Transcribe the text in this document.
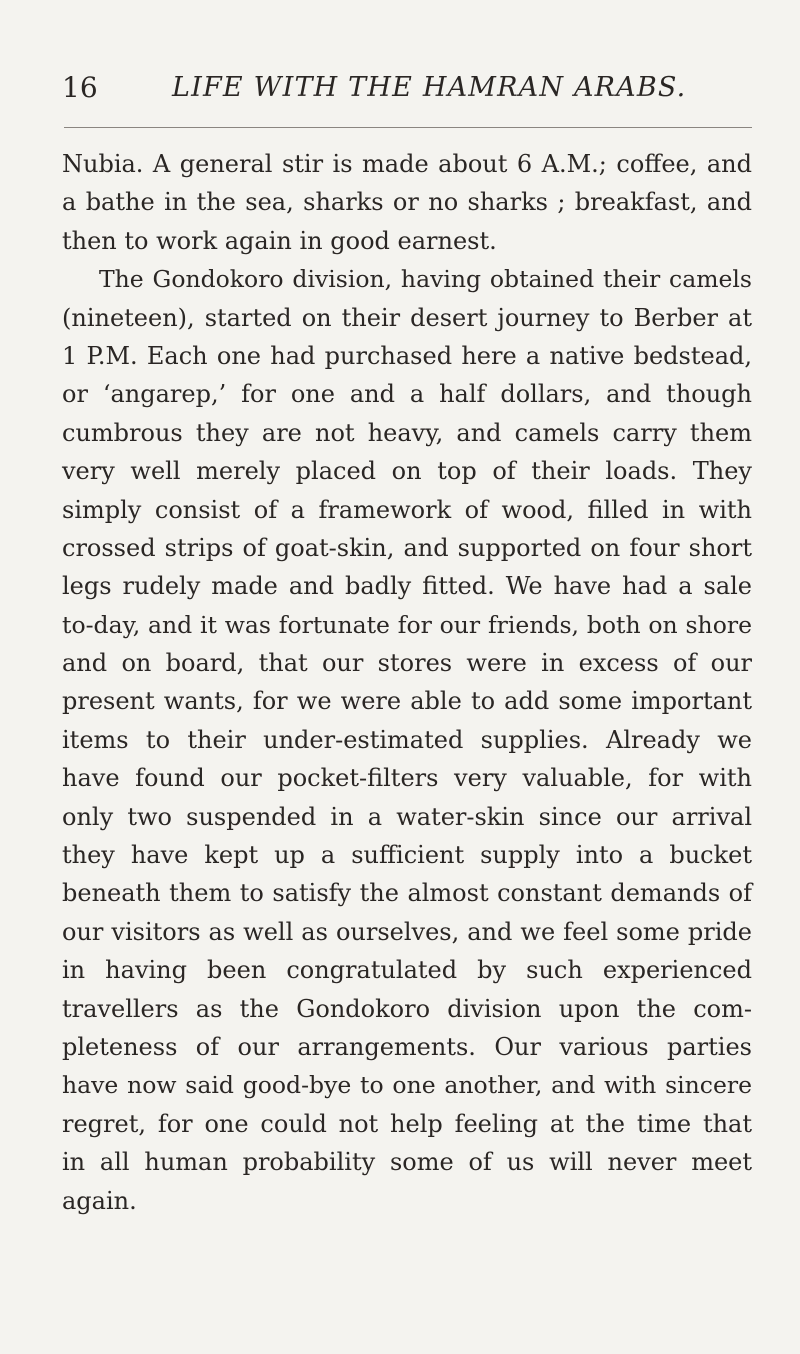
16	LIFE WITH THE HAMRAN ARABS.
Nubia. A general stir is made about 6 A.M.; coffee, and
a bathe in the sea, sharks or no sharks ; breakfast, and
then to work again in good earnest.
The Gondokoro division, having obtained their camels
(nineteen), started on their desert journey to Berber at
1 P.M. Each one had purchased here a native bedstead,
or ‘angarep,’ for one and a half dollars, and though
cumbrous they are not heavy, and camels carry them
very well merely placed on top of their loads. They
simply consist of a framework of wood, filled in with
crossed strips of goat-skin, and supported on four short
legs rudely made and badly fitted. We have had a sale
to-day, and it was fortunate for our friends, both on shore
and on board, that our stores were in excess of our
present wants, for we were able to add some important
items to their under-estimated supplies. Already we
have found our pocket-filters very valuable, for with
only two suspended in a water-skin since our arrival
they have kept up a sufficient supply into a bucket
beneath them to satisfy the almost constant demands of
our visitors as well as ourselves, and we feel some pride
in having been congratulated by such experienced
travellers as the Gondokoro division upon the com-
pleteness of our arrangements. Our various parties
have now said good-bye to one another, and with sincere
regret, for one could not help feeling at the time that
in all human probability some of us will never meet
again.
